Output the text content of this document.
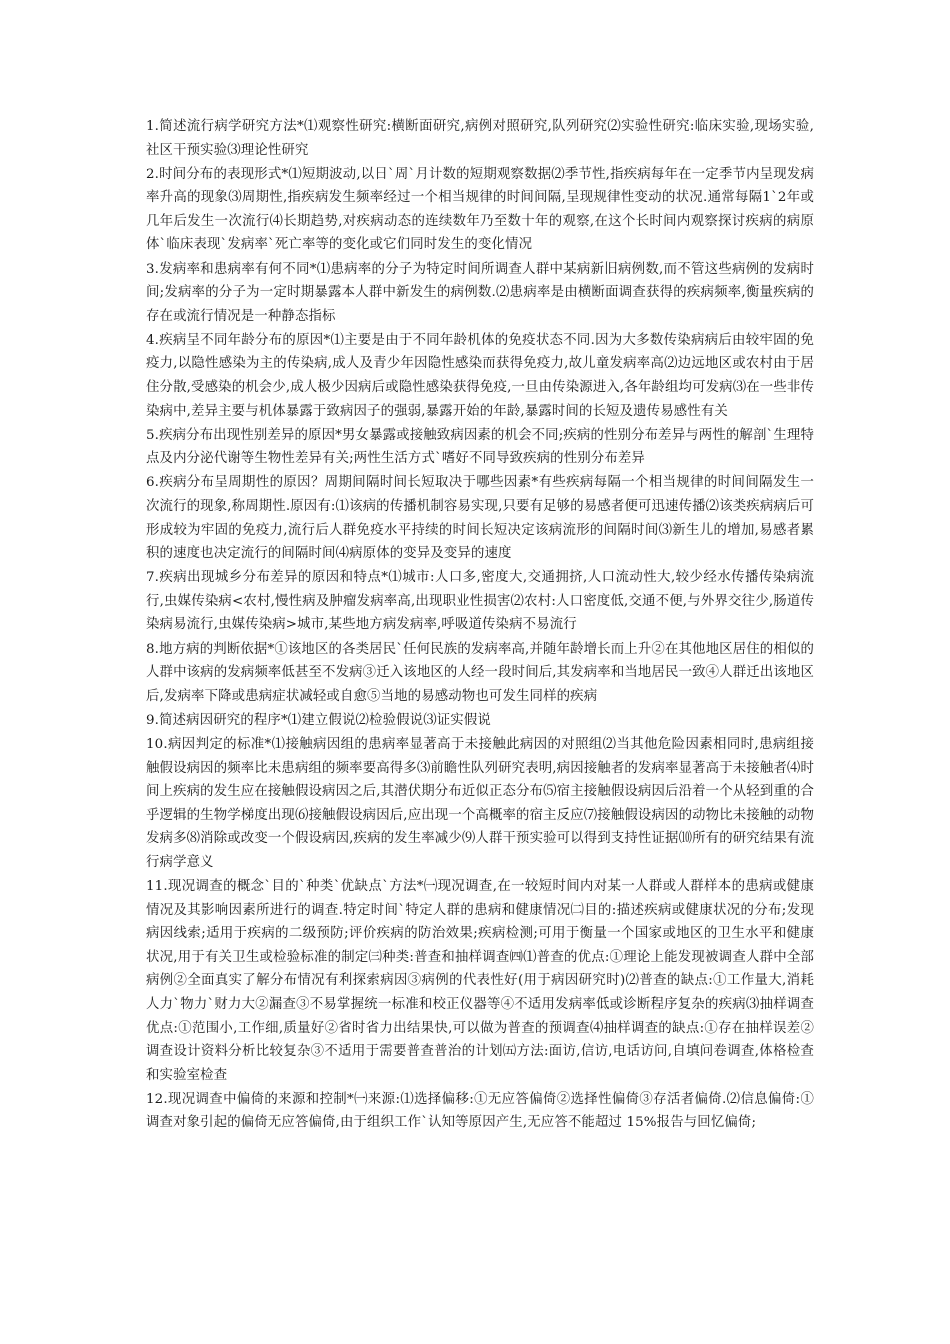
1.简述流行病学研究方法*⑴观察性研究:横断面研究,病例对照研究,队列研究⑵实验性研究:临床实验,现场实验,社区干预实验⑶理论性研究

2.时间分布的表现形式*⑴短期波动,以日`周`月计数的短期观察数据⑵季节性,指疾病每年在一定季节内呈现发病率升高的现象⑶周期性,指疾病发生频率经过一个相当规律的时间间隔,呈现规律性变动的状况.通常每隔1`2年或几年后发生一次流行⑷长期趋势,对疾病动态的连续数年乃至数十年的观察,在这个长时间内观察探讨疾病的病原体`临床表现`发病率`死亡率等的变化或它们同时发生的变化情况

3.发病率和患病率有何不同*⑴患病率的分子为特定时间所调查人群中某病新旧病例数,而不管这些病例的发病时间;发病率的分子为一定时期暴露本人群中新发生的病例数.⑵患病率是由横断面调查获得的疾病频率,衡量疾病的存在或流行情况是一种静态指标

4.疾病呈不同年龄分布的原因*⑴主要是由于不同年龄机体的免疫状态不同.因为大多数传染病病后由较牢固的免疫力,以隐性感染为主的传染病,成人及青少年因隐性感染而获得免疫力,故儿童发病率高⑵边远地区或农村由于居住分散,受感染的机会少,成人极少因病后或隐性感染获得免疫,一旦由传染源进入,各年龄组均可发病⑶在一些非传染病中,差异主要与机体暴露于致病因子的强弱,暴露开始的年龄,暴露时间的长短及遗传易感性有关

5.疾病分布出现性别差异的原因*男女暴露或接触致病因素的机会不同;疾病的性别分布差异与两性的解剖`生理特点及内分泌代谢等生物性差异有关;两性生活方式`嗜好不同导致疾病的性别分布差异

6.疾病分布呈周期性的原因？周期间隔时间长短取决于哪些因素*有些疾病每隔一个相当规律的时间间隔发生一次流行的现象,称周期性.原因有:⑴该病的传播机制容易实现,只要有足够的易感者便可迅速传播⑵该类疾病病后可形成较为牢固的免疫力,流行后人群免疫水平持续的时间长短决定该病流形的间隔时间⑶新生儿的增加,易感者累积的速度也决定流行的间隔时间⑷病原体的变异及变异的速度

7.疾病出现城乡分布差异的原因和特点*⑴城市:人口多,密度大,交通拥挤,人口流动性大,较少经水传播传染病流行,虫媒传染病<农村,慢性病及肿瘤发病率高,出现职业性损害⑵农村:人口密度低,交通不便,与外界交往少,肠道传染病易流行,虫媒传染病>城市,某些地方病发病率,呼吸道传染病不易流行

8.地方病的判断依据*①该地区的各类居民`任何民族的发病率高,并随年龄增长而上升②在其他地区居住的相似的人群中该病的发病频率低甚至不发病③迁入该地区的人经一段时间后,其发病率和当地居民一致④人群迁出该地区后,发病率下降或患病症状减轻或自愈⑤当地的易感动物也可发生同样的疾病

9.简述病因研究的程序*⑴建立假说⑵检验假说⑶证实假说

10.病因判定的标准*⑴接触病因组的患病率显著高于未接触此病因的对照组⑵当其他危险因素相同时,患病组接触假设病因的频率比未患病组的频率要高得多⑶前瞻性队列研究表明,病因接触者的发病率显著高于未接触者⑷时间上疾病的发生应在接触假设病因之后,其潜伏期分布近似正态分布⑸宿主接触假设病因后沿着一个从轻到重的合乎逻辑的生物学梯度出现⑹接触假设病因后,应出现一个高概率的宿主反应⑺接触假设病因的动物比未接触的动物发病多⑻消除或改变一个假设病因,疾病的发生率减少⑼人群干预实验可以得到支持性证据⑽所有的研究结果有流行病学意义

11.现况调查的概念`目的`种类`优缺点`方法*㈠现况调查,在一较短时间内对某一人群或人群样本的患病或健康情况及其影响因素所进行的调查.特定时间`特定人群的患病和健康情况㈡目的:描述疾病或健康状况的分布;发现病因线索;适用于疾病的二级预防;评价疾病的防治效果;疾病检测;可用于衡量一个国家或地区的卫生水平和健康状况,用于有关卫生或检验标准的制定㈢种类:普查和抽样调查㈣⑴普查的优点:①理论上能发现被调查人群中全部病例②全面真实了解分布情况有利探索病因③病例的代表性好(用于病因研究时)⑵普查的缺点:①工作量大,消耗人力`物力`财力大②漏查③不易掌握统一标准和校正仪器等④不适用发病率低或诊断程序复杂的疾病⑶抽样调查优点:①范围小,工作细,质量好②省时省力出结果快,可以做为普查的预调查⑷抽样调查的缺点:①存在抽样误差②调查设计资料分析比较复杂③不适用于需要普查普治的计划㈤方法:面访,信访,电话访问,自填问卷调查,体格检查和实验室检查

12.现况调查中偏倚的来源和控制*㈠来源:⑴选择偏移:①无应答偏倚②选择性偏倚③存活者偏倚.⑵信息偏倚:①调查对象引起的偏倚无应答偏倚,由于组织工作`认知等原因产生,无应答不能超过 15%报告与回忆偏倚;
